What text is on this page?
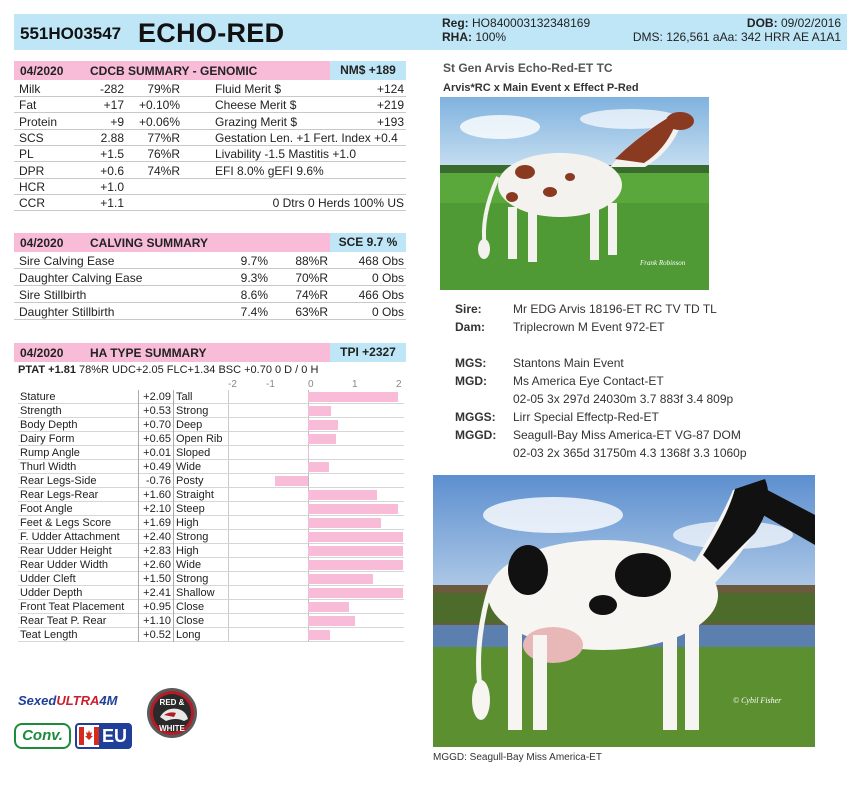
551HO03547 ECHO-RED	Reg: HO840003132348169
RHA: 100%
DOB: 09/02/2016
DMS: 126,561 aAa: 342 HRR AE A1A1
04/2020 CDCB SUMMARY - GENOMIC	NM$ +189
Milk	-282 79%R	Fluid Merit $	+124
Fat	+17 +0.10%	Cheese Merit $	+219
Protein	+9 +0.06%	Grazing Merit $	+193
SCS	2.88 77%R	Gestation Len. +1 Fert. Index +0.4
PL	+1.5 76%R	Livability -1.5 Mastitis +1.0
DPR	+0.6 74%R	EFI 8.0% gEFI 9.6%
HCR	+1.0
CCR	+1.1	0 Dtrs 0 Herds 100% US
04/2020 CALVING SUMMARY	SCE 9.7 %
Sire Calving Ease	9.7% 88%R	468 Obs
Daughter Calving Ease	9.3% 70%R	0 Obs
Sire Stillbirth	8.6% 74%R	466 Obs
Daughter Stillbirth	7.4% 63%R	0 Obs
04/2020 HA TYPE SUMMARY	TPI +2327
PTAT +1.81 78%R UDC+2.05 FLC+1.34 BSC +0.70 0 D / 0 H
-2	-1	0	1	2
Stature	+2.09 Tall
Strength	+0.53 Strong
Body Depth	+0.70 Deep
Dairy Form	+0.65 Open Rib
Rump Angle	+0.01 Sloped
Thurl Width	+0.49 Wide
Rear Legs-Side	-0.76 Posty
Rear Legs-Rear	+1.60 Straight
Foot Angle	+2.10 Steep
Feet & Legs Score	+1.69 High
F. Udder Attachment	+2.40 Strong
Rear Udder Height	+2.83 High
Rear Udder Width	+2.60 Wide
Udder Cleft	+1.50 Strong
Udder Depth	+2.41 Shallow
Front Teat Placement	+0.95 Close
Rear Teat P. Rear	+1.10 Close
Teat Length	+0.52 Long
St Gen Arvis Echo-Red-ET TC
Arvis*RC x Main Event x Effect P-Red
Frank Robinson
Sire:	Mr EDG Arvis 18196-ET RC TV TD TL
Dam: Triplecrown M Event 972-ET
MGS: Stantons Main Event
MGD: Ms America Eye Contact-ET
02-05 3x 297d 24030m 3.7 883f 3.4 809p
MGGS: Lirr Special Effectp-Red-ET
MGGD: Seagull-Bay Miss America-ET VG-87 DOM
02-03 2x 365d 31750m 4.3 1368f 3.3 1060p
© Cybil Fisher
MGGD: Seagull-Bay Miss America-ET
SexedULTRA4M
Conv.	EU
RED &
WHITE
